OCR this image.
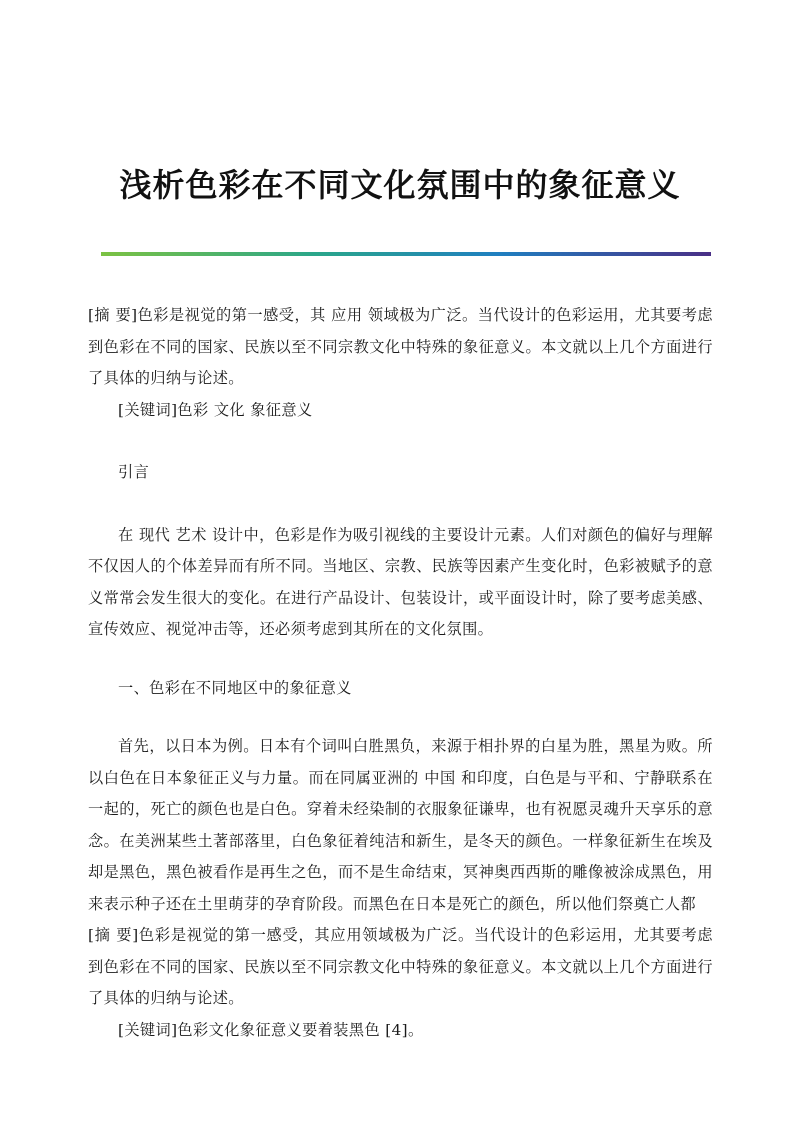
浅析色彩在不同文化氛围中的象征意义

[摘 要]色彩是视觉的第一感受，其 应用 领域极为广泛。当代设计的色彩运用，尤其要考虑到色彩在不同的国家、民族以至不同宗教文化中特殊的象征意义。本文就以上几个方面进行了具体的归纳与论述。

[关键词]色彩 文化 象征意义

引言

在 现代 艺术 设计中，色彩是作为吸引视线的主要设计元素。人们对颜色的偏好与理解不仅因人的个体差异而有所不同。当地区、宗教、民族等因素产生变化时，色彩被赋予的意义常常会发生很大的变化。在进行产品设计、包装设计，或平面设计时，除了要考虑美感、宣传效应、视觉冲击等，还必须考虑到其所在的文化氛围。

一、色彩在不同地区中的象征意义

首先，以日本为例。日本有个词叫白胜黑负，来源于相扑界的白星为胜，黑星为败。所以白色在日本象征正义与力量。而在同属亚洲的 中国 和印度，白色是与平和、宁静联系在一起的，死亡的颜色也是白色。穿着未经染制的衣服象征谦卑，也有祝愿灵魂升天享乐的意念。在美洲某些土著部落里，白色象征着纯洁和新生，是冬天的颜色。一样象征新生在埃及却是黑色，黑色被看作是再生之色，而不是生命结束，冥神奥西西斯的雕像被涂成黑色，用来表示种子还在土里萌芽的孕育阶段。而黑色在日本是死亡的颜色，所以他们祭奠亡人都

[摘 要]色彩是视觉的第一感受，其应用领域极为广泛。当代设计的色彩运用，尤其要考虑到色彩在不同的国家、民族以至不同宗教文化中特殊的象征意义。本文就以上几个方面进行了具体的归纳与论述。

[关键词]色彩文化象征意义要着装黑色 [4]。
